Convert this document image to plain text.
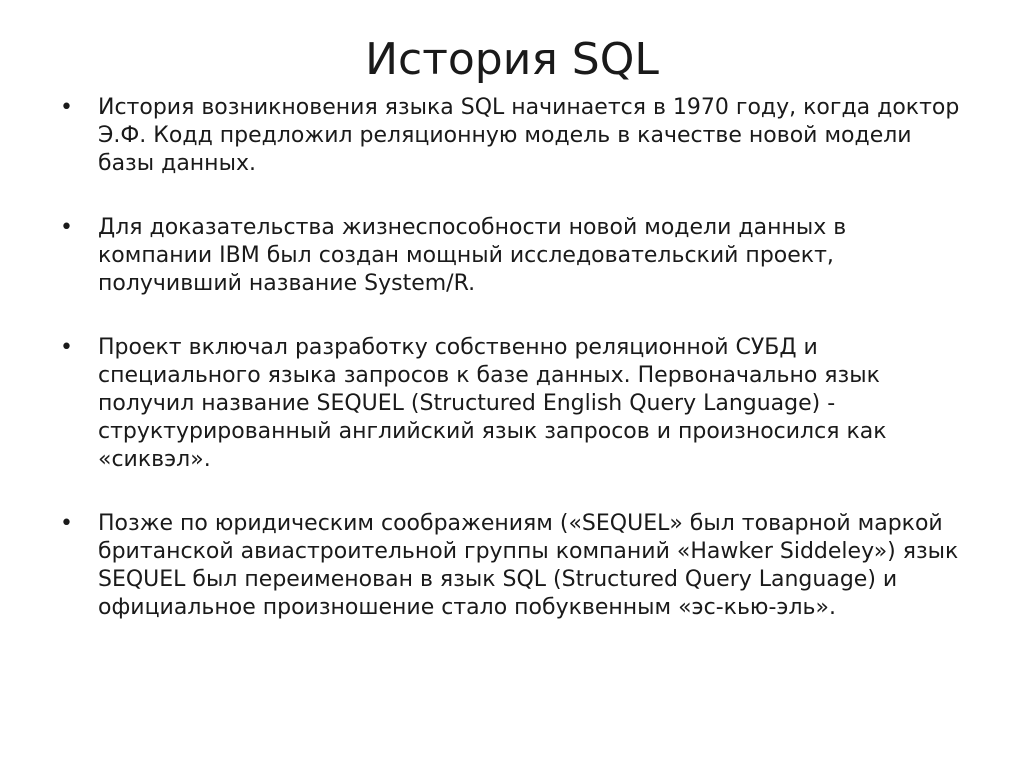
История SQL
•	История возникновения языка SQL начинается в 1970 году, когда доктор Э.Ф. Кодд предложил реляционную модель в качестве новой модели базы данных.
•	Для доказательства жизнеспособности новой модели данных в компании IBM был создан мощный исследовательский проект, получивший название System/R.
•	Проект включал разработку собственно реляционной СУБД и специального языка запросов к базе данных. Первоначально язык получил название SEQUEL (Structured English Query Language) - структурированный английский язык запросов и произносился как «сиквэл».
•	Позже по юридическим соображениям («SEQUEL» был товарной маркой британской авиастроительной группы компаний «Hawker Siddeley») язык SEQUEL был переименован в язык SQL (Structured Query Language) и официальное произношение стало побуквенным «эс-кью-эль».
